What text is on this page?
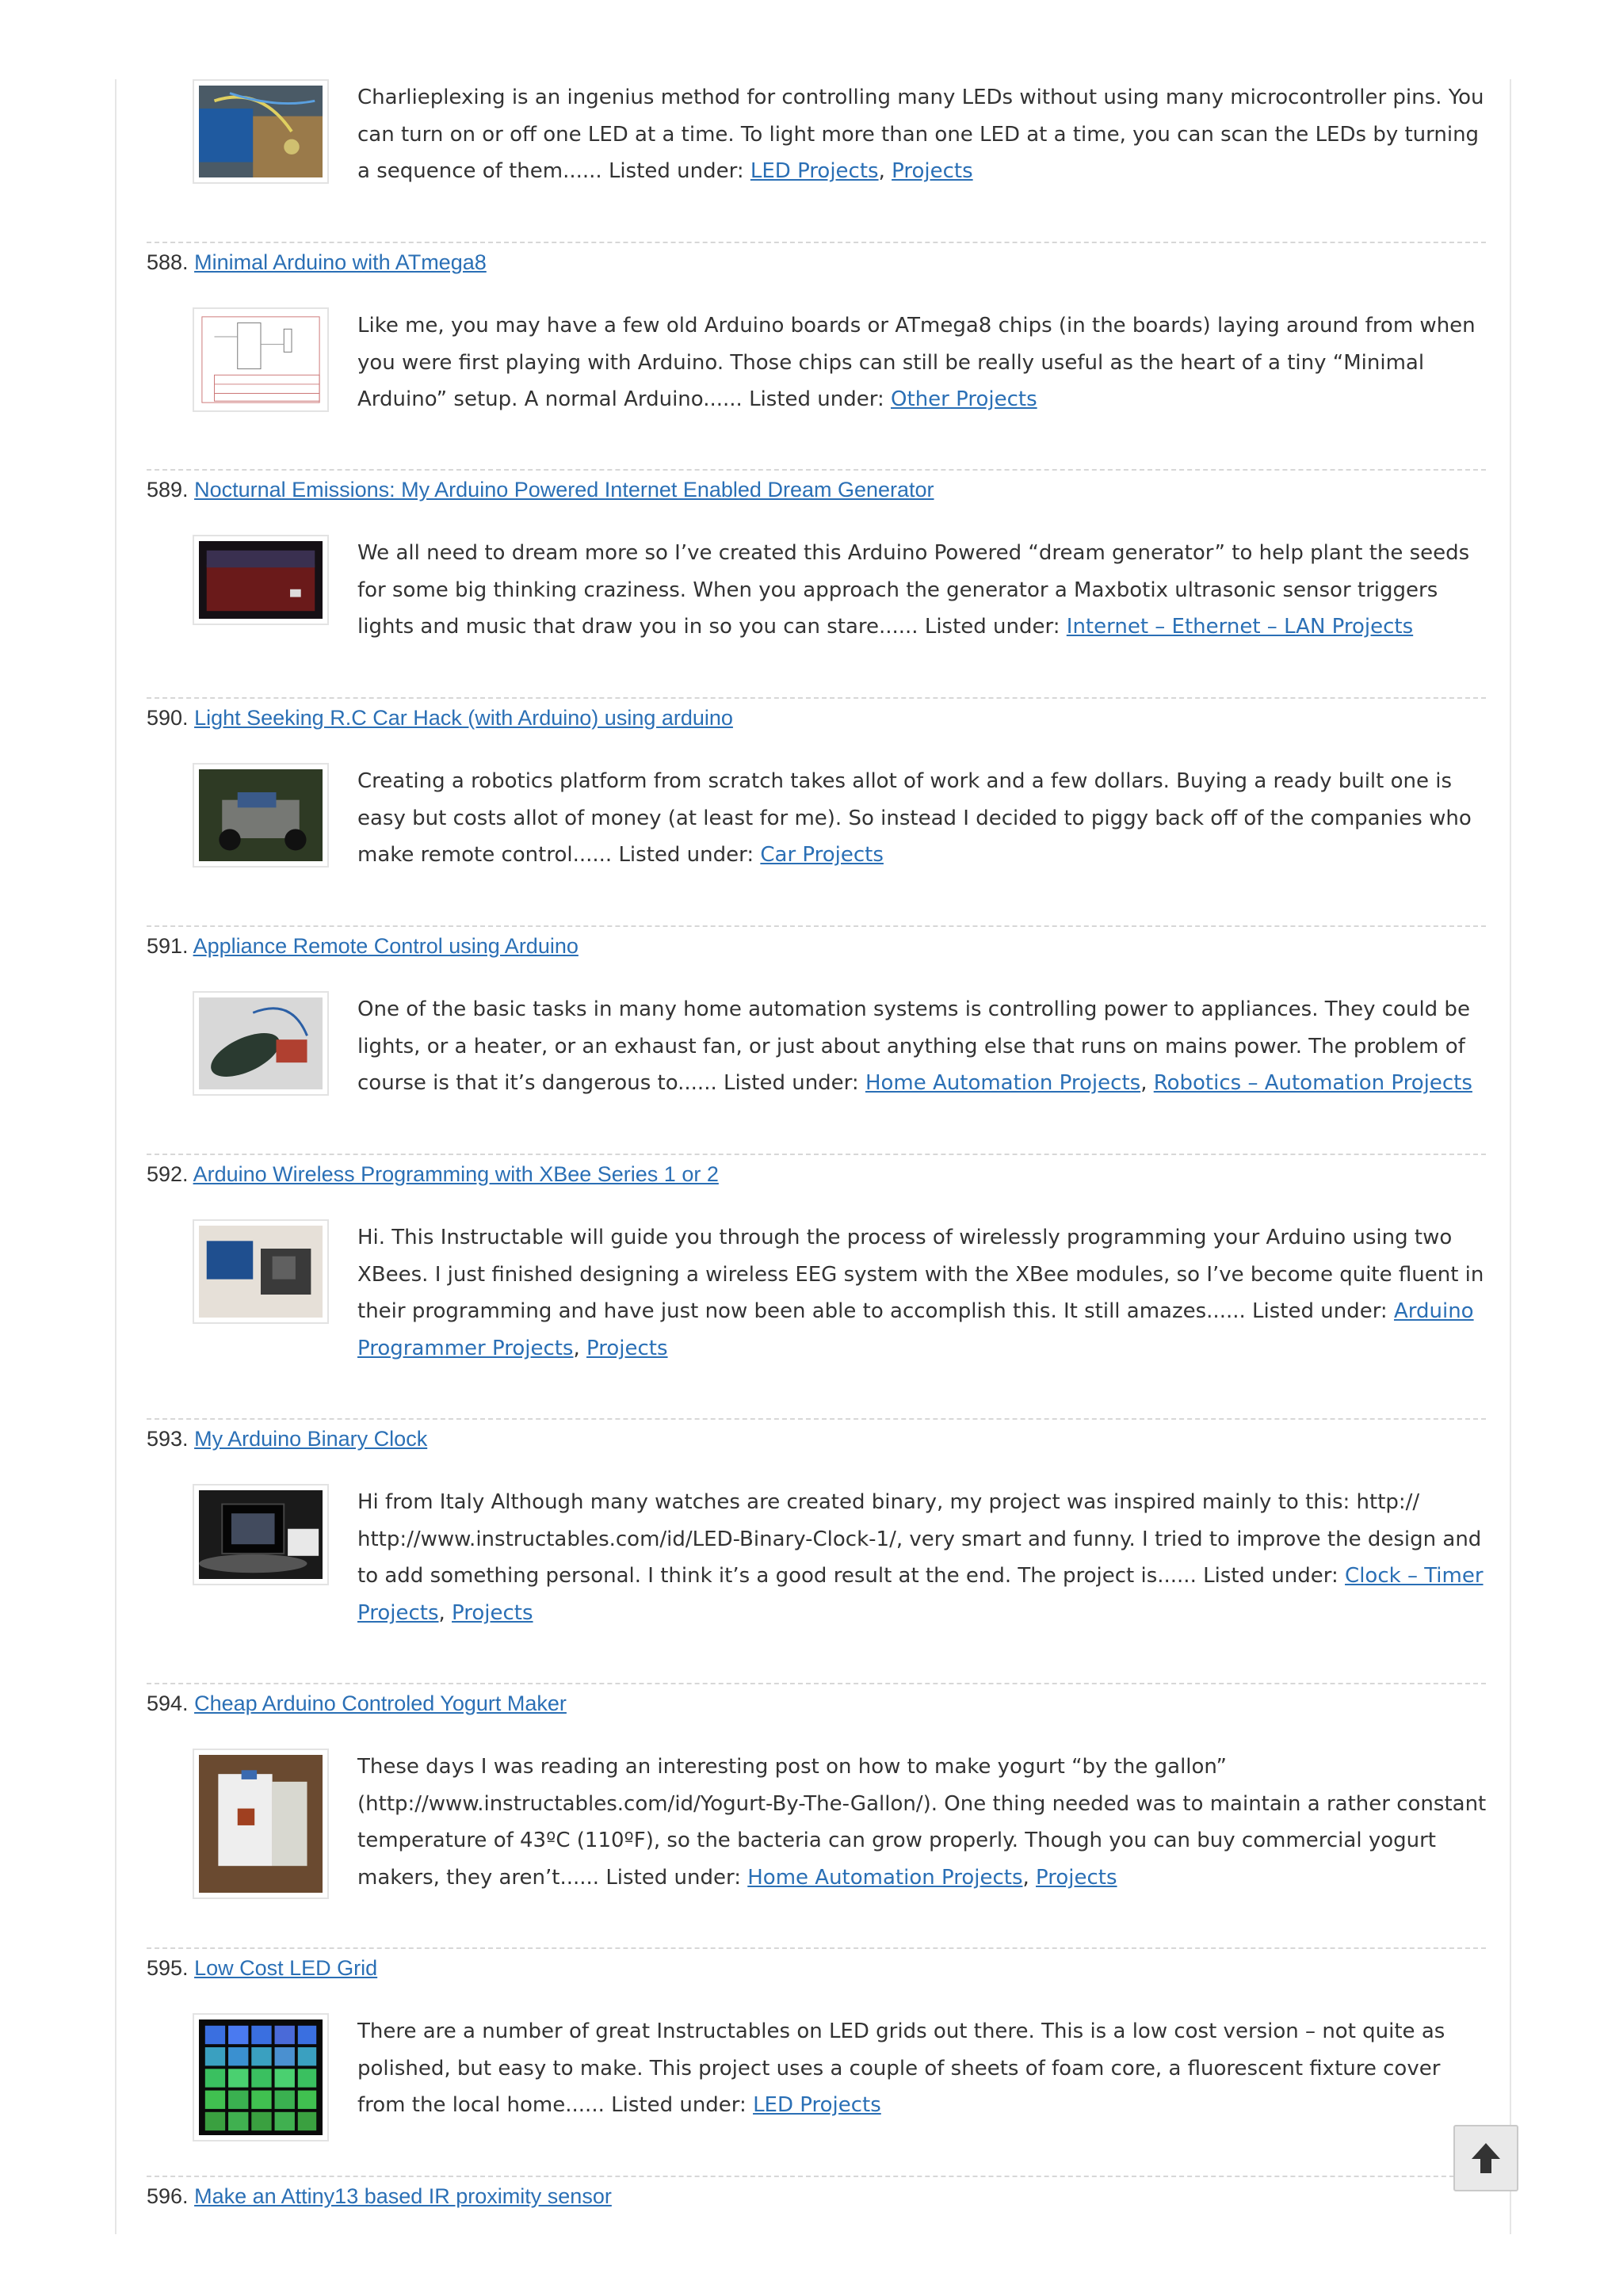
Charlieplexing is an ingenius method for controlling many LEDs without using many microcontroller pins. You can turn on or off one LED at a time. To light more than one LED at a time, you can scan the LEDs by turning a sequence of them...... Listed under: LED Projects, Projects
588. Minimal Arduino with ATmega8
Like me, you may have a few old Arduino boards or ATmega8 chips (in the boards) laying around from when you were first playing with Arduino. Those chips can still be really useful as the heart of a tiny “Minimal Arduino” setup. A normal Arduino...... Listed under: Other Projects
589. Nocturnal Emissions: My Arduino Powered Internet Enabled Dream Generator
We all need to dream more so I’ve created this Arduino Powered “dream generator” to help plant the seeds for some big thinking craziness. When you approach the generator a Maxbotix ultrasonic sensor triggers lights and music that draw you in so you can stare...... Listed under: Internet – Ethernet – LAN Projects
590. Light Seeking R.C Car Hack (with Arduino) using arduino
Creating a robotics platform from scratch takes allot of work and a few dollars. Buying a ready built one is easy but costs allot of money (at least for me). So instead I decided to piggy back off of the companies who make remote control...... Listed under: Car Projects
591. Appliance Remote Control using Arduino
One of the basic tasks in many home automation systems is controlling power to appliances. They could be lights, or a heater, or an exhaust fan, or just about anything else that runs on mains power. The problem of course is that it’s dangerous to...... Listed under: Home Automation Projects, Robotics – Automation Projects
592. Arduino Wireless Programming with XBee Series 1 or 2
Hi. This Instructable will guide you through the process of wirelessly programming your Arduino using two XBees. I just finished designing a wireless EEG system with the XBee modules, so I’ve become quite fluent in their programming and have just now been able to accomplish this. It still amazes...... Listed under: Arduino Programmer Projects, Projects
593. My Arduino Binary Clock
Hi from Italy Although many watches are created binary, my project was inspired mainly to this: http:// http://www.instructables.com/id/LED-Binary-Clock-1/, very smart and funny. I tried to improve the design and to add something personal. I think it’s a good result at the end. The project is...... Listed under: Clock – Timer Projects, Projects
594. Cheap Arduino Controled Yogurt Maker
These days I was reading an interesting post on how to make yogurt “by the gallon” (http://www.instructables.com/id/Yogurt-By-The-Gallon/). One thing needed was to maintain a rather constant temperature of 43ºC (110ºF), so the bacteria can grow properly. Though you can buy commercial yogurt makers, they aren’t...... Listed under: Home Automation Projects, Projects
595. Low Cost LED Grid
There are a number of great Instructables on LED grids out there. This is a low cost version – not quite as polished, but easy to make. This project uses a couple of sheets of foam core, a fluorescent fixture cover from the local home...... Listed under: LED Projects
596. Make an Attiny13 based IR proximity sensor
